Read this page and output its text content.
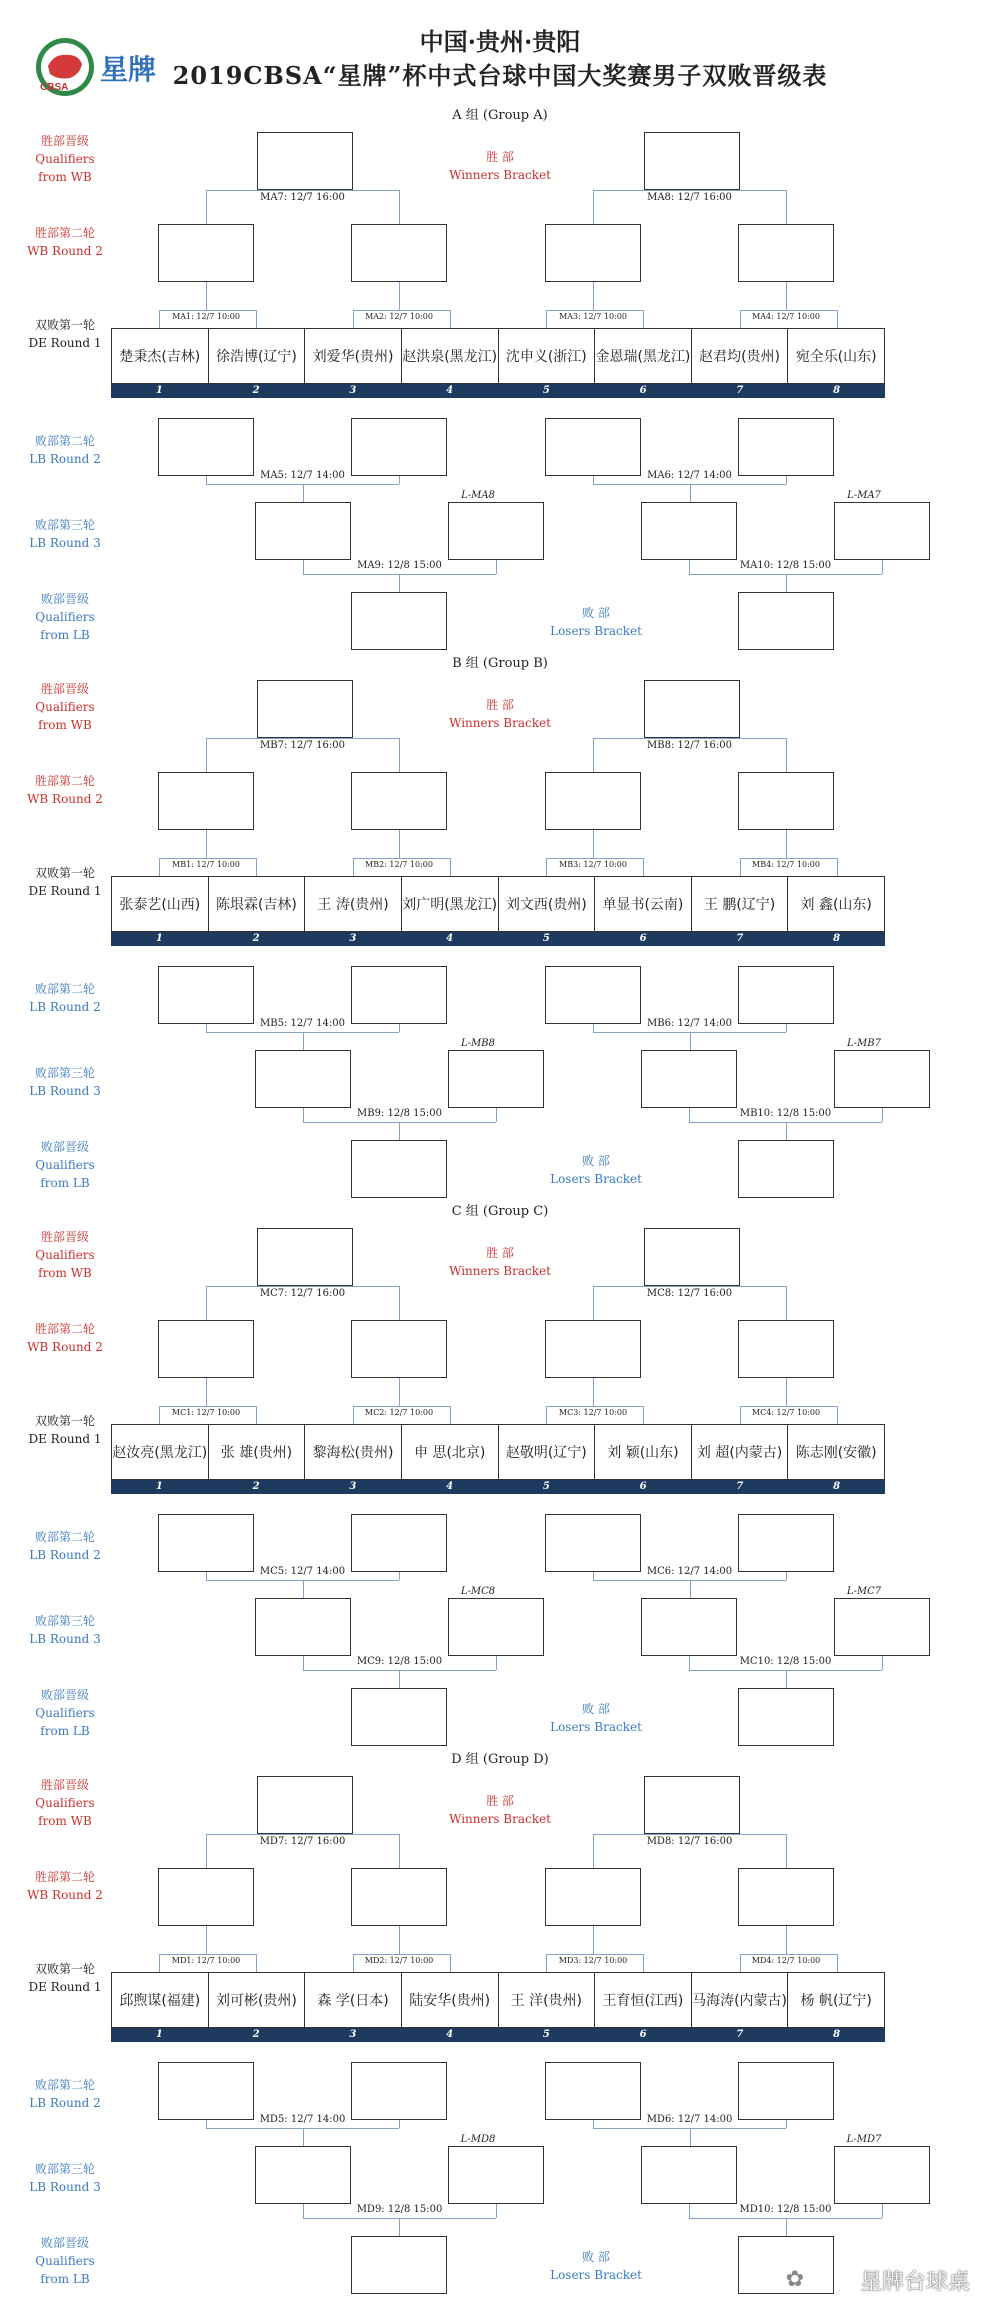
CBSA
星牌
中国·贵州·贵阳
2019CBSA“星牌”杯中式台球中国大奖赛男子双败晋级表
A 组 (Group A)
胜部晋级
Qualifiers
from WB
胜部第二轮
WB Round 2
双败第一轮
DE Round 1
败部第二轮
LB Round 2
败部第三轮
LB Round 3
败部晋级
Qualifiers
from LB
胜 部
Winners Bracket
MA7: 12/7 16:00	MA8: 12/7 16:00
楚秉杰(吉林)	徐浩博(辽宁)	刘爱华(贵州) 赵洪泉(黑龙江) 沈申义(浙江) 金恩瑞(黑龙江) 赵君均(贵州)	宛全乐(山东)
1	2	3	4	5	6	7	8
MA1: 12/7 10:00	MA2: 12/7 10:00	MA3: 12/7 10:00	MA4: 12/7 10:00
MA5: 12/7 14:00	MA6: 12/7 14:00
L-MA8	L-MA7
MA9: 12/8 15:00	MA10: 12/8 15:00
败 部
Losers Bracket
B 组 (Group B)
胜部晋级
Qualifiers
from WB
胜部第二轮
WB Round 2
双败第一轮
DE Round 1
败部第二轮
LB Round 2
败部第三轮
LB Round 3
败部晋级
Qualifiers
from LB
胜 部
Winners Bracket
MB7: 12/7 16:00	MB8: 12/7 16:00
张泰艺(山西)	陈垠霖(吉林)	王 涛(贵州) 刘广明(黑龙江) 刘文西(贵州)	单显书(云南)	王 鹏(辽宁)	刘 鑫(山东)
1	2	3	4	5	6	7	8
MB1: 12/7 10:00	MB2: 12/7 10:00	MB3: 12/7 10:00	MB4: 12/7 10:00
MB5: 12/7 14:00	MB6: 12/7 14:00
L-MB8	L-MB7
MB9: 12/8 15:00	MB10: 12/8 15:00
败 部
Losers Bracket
C 组 (Group C)
胜部晋级
Qualifiers
from WB
胜部第二轮
WB Round 2
双败第一轮
DE Round 1
败部第二轮
LB Round 2
败部第三轮
LB Round 3
败部晋级
Qualifiers
from LB
胜 部
Winners Bracket
MC7: 12/7 16:00	MC8: 12/7 16:00
赵汝亮(黑龙江) 张 雄(贵州)	黎海松(贵州)	申 思(北京)	赵敬明(辽宁)	刘 颖(山东)	刘 超(内蒙古) 陈志刚(安徽)
1	2	3	4	5	6	7	8
MC1: 12/7 10:00	MC2: 12/7 10:00	MC3: 12/7 10:00	MC4: 12/7 10:00
MC5: 12/7 14:00	MC6: 12/7 14:00
L-MC8	L-MC7
MC9: 12/8 15:00	MC10: 12/8 15:00
败 部
Losers Bracket
D 组 (Group D)
胜部晋级
Qualifiers
from WB
胜部第二轮
WB Round 2
双败第一轮
DE Round 1
败部第二轮
LB Round 2
败部第三轮
LB Round 3
败部晋级
Qualifiers
from LB
胜 部
Winners Bracket
MD7: 12/7 16:00	MD8: 12/7 16:00
邱煦谋(福建)	刘可彬(贵州)	森 学(日本)	陆安华(贵州)	王 洋(贵州)	王育恒(江西) 马海涛(内蒙古) 杨 帆(辽宁)
1	2	3	4	5	6	7	8
MD1: 12/7 10:00	MD2: 12/7 10:00	MD3: 12/7 10:00	MD4: 12/7 10:00
MD5: 12/7 14:00	MD6: 12/7 14:00
L-MD8	L-MD7
MD9: 12/8 15:00	MD10: 12/8 15:00
败 部
Losers Bracket	✿	星牌台球桌
